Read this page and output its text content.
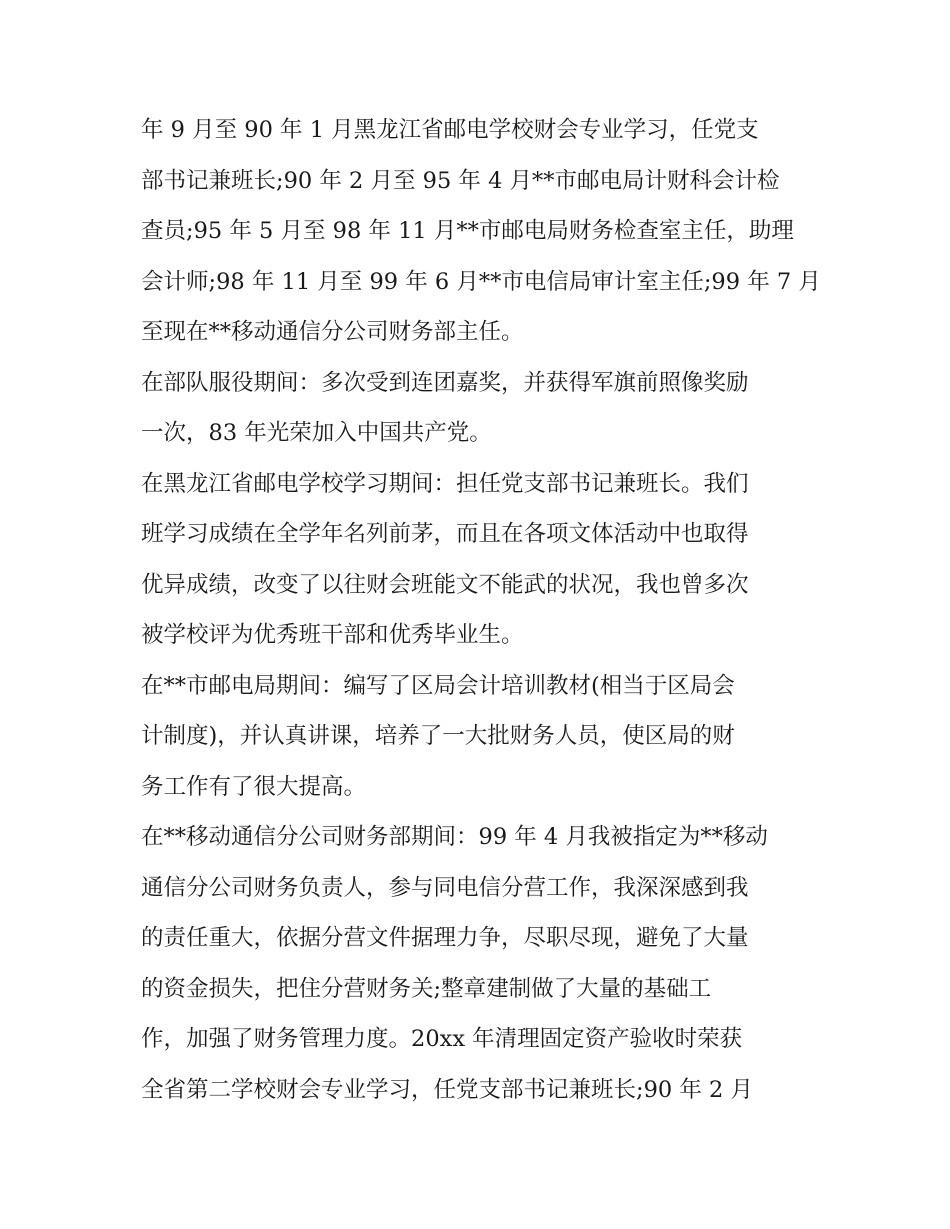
年 9 月至 90 年 1 月黑龙江省邮电学校财会专业学习，任党支
部书记兼班长;90 年 2 月至 95 年 4 月**市邮电局计财科会计检
查员;95 年 5 月至 98 年 11 月**市邮电局财务检查室主任，助理
会计师;98 年 11 月至 99 年 6 月**市电信局审计室主任;99 年 7 月
至现在**移动通信分公司财务部主任。
在部队服役期间：多次受到连团嘉奖，并获得军旗前照像奖励
一次，83 年光荣加入中国共产党。
在黑龙江省邮电学校学习期间：担任党支部书记兼班长。我们
班学习成绩在全学年名列前茅，而且在各项文体活动中也取得
优异成绩，改变了以往财会班能文不能武的状况，我也曾多次
被学校评为优秀班干部和优秀毕业生。
在**市邮电局期间：编写了区局会计培训教材(相当于区局会
计制度)，并认真讲课，培养了一大批财务人员，使区局的财
务工作有了很大提高。
在**移动通信分公司财务部期间：99 年 4 月我被指定为**移动
通信分公司财务负责人，参与同电信分营工作，我深深感到我
的责任重大，依据分营文件据理力争，尽职尽现，避免了大量
的资金损失，把住分营财务关;整章建制做了大量的基础工
作，加强了财务管理力度。20xx 年清理固定资产验收时荣获
全省第二学校财会专业学习，任党支部书记兼班长;90 年 2 月
